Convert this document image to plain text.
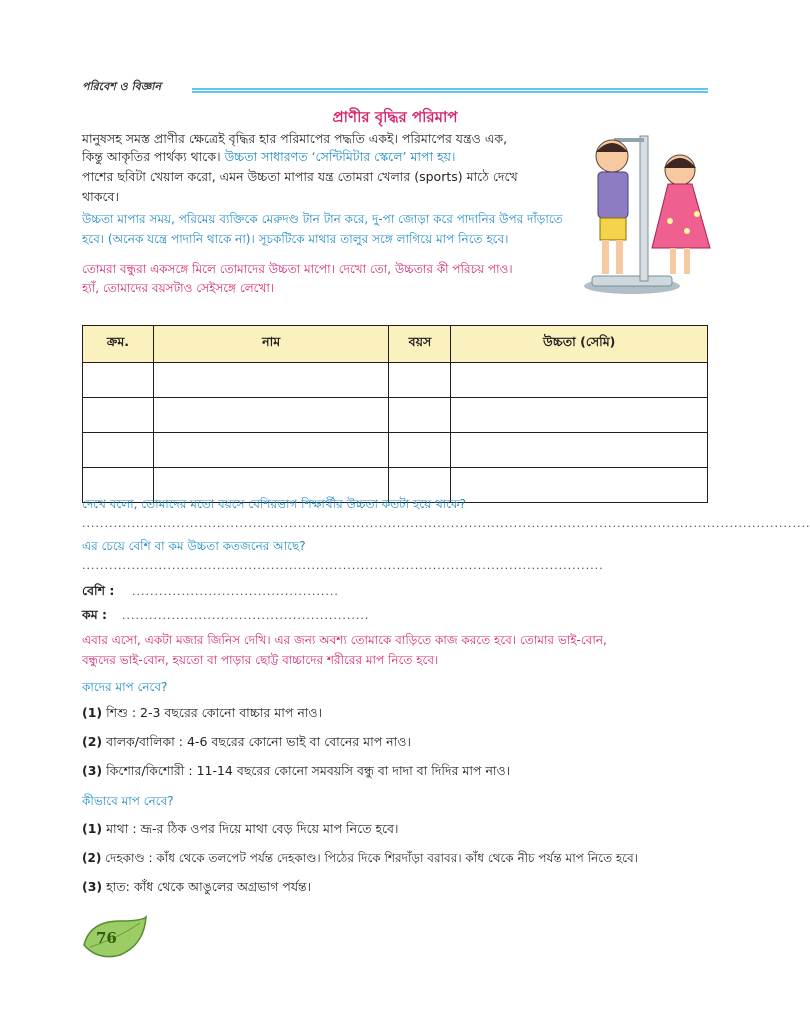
পরিবেশ ও বিজ্ঞান
প্রাণীর বৃদ্ধির পরিমাপ
মানুষসহ সমস্ত প্রাণীর ক্ষেত্রেই বৃদ্ধির হার পরিমাপের পদ্ধতি একই। পরিমাপের যন্ত্রও এক,
কিন্তু আকৃতির পার্থক্য থাকে। উচ্চতা সাধারণত ‘সেন্টিমিটার স্কেলে’ মাপা হয়।
পাশের ছবিটা খেয়াল করো, এমন উচ্চতা মাপার যন্ত্র তোমরা খেলার (sports) মাঠে দেখে
থাকবে।
উচ্চতা মাপার সময়, পরিমেয় ব্যক্তিকে মেরুদণ্ড টান টান করে, দু-পা জোড়া করে পাদানির উপর দাঁড়াতে
হবে। (অনেক যন্ত্রে পাদানি থাকে না)। সূচকটিকে মাথার তালুর সঙ্গে লাগিয়ে মাপ নিতে হবে।
তোমরা বন্ধুরা একসঙ্গে মিলে তোমাদের উচ্চতা মাপো। দেখো তো, উচ্চতার কী পরিচয় পাও।
হ্যাঁ, তোমাদের বয়সটাও সেইসঙ্গে লেখো।
ক্রম.	নাম	বয়স	উচ্চতা (সেমি)

দেখে বলো, তোমাদের মতো বয়সে বেশিরভাগ শিক্ষার্থীর উচ্চতা কতটা হয়ে থাকে?
..................................................................................................................................................................
এর চেয়ে বেশি বা কম উচ্চতা কতজনের আছে?
....................................................................................................................
বেশি : ..............................................
কম : .......................................................
এবার এসো, একটা মজার জিনিস দেখি। এর জন্য অবশ্য তোমাকে বাড়িতে কাজ করতে হবে। তোমার ভাই-বোন,
বন্ধুদের ভাই-বোন, হয়তো বা পাড়ার ছোট্ট বাচ্চাদের শরীরের মাপ নিতে হবে।
কাদের মাপ নেবে?
(1) শিশু : 2-3 বছরের কোনো বাচ্চার মাপ নাও।
(2) বালক/বালিকা : 4-6 বছরের কোনো ভাই বা বোনের মাপ নাও।
(3) কিশোর/কিশোরী : 11-14 বছরের কোনো সমবয়সি বন্ধু বা দাদা বা দিদির মাপ নাও।
কীভাবে মাপ নেবে?
(1) মাথা : ভ্রূ-র ঠিক ওপর দিয়ে মাথা বেড় দিয়ে মাপ নিতে হবে।
(2) দেহকাণ্ড : কাঁধ থেকে তলপেট পর্যন্ত দেহকাণ্ড। পিঠের দিকে শিরদাঁড়া বরাবর। কাঁধ থেকে নীচ পর্যন্ত মাপ নিতে হবে।
(3) হাত: কাঁধ থেকে আঙুলের অগ্রভাগ পর্যন্ত।
76
